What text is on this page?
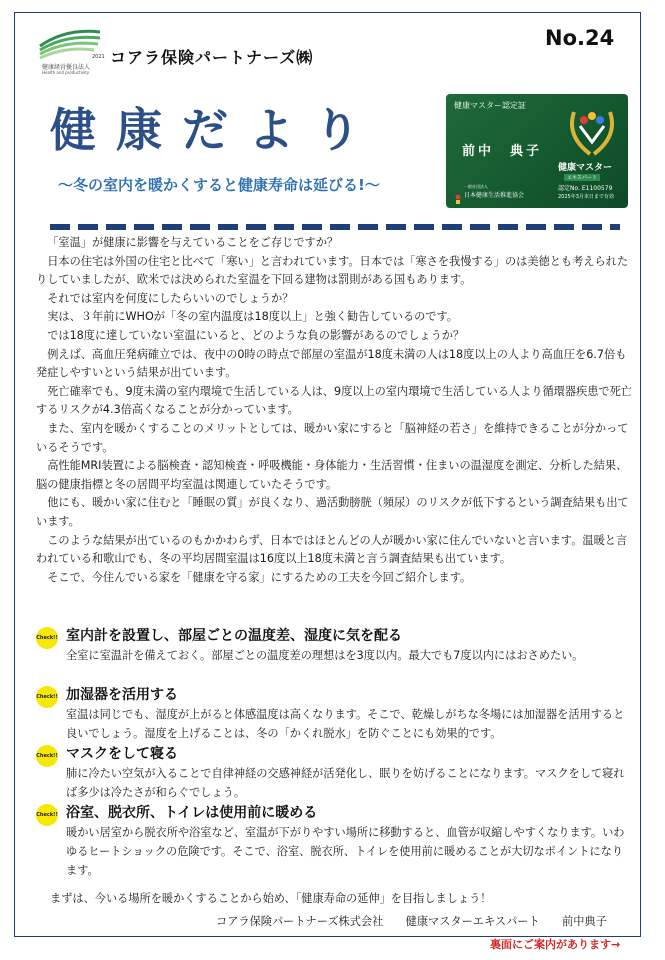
2021
健康経営優良法人
Health and productivity
コアラ保険パートナーズ㈱
No.24
健康だより
～冬の室内を暖かくすると健康寿命は延びる!～
健康マスター認定証
前中　典子
健康マスター
エキスパート
認定No. E1100579
2025年3月末日まで有効
一般社団法人
日本健康生活推進協会

「室温」が健康に影響を与えていることをご存じですか？

日本の住宅は外国の住宅と比べて「寒い」と言われています。日本では「寒さを我慢する」のは美徳とも考えられたりしていましたが、欧米では決められた室温を下回る建物は罰則がある国もあります。

それでは室内を何度にしたらいいのでしょうか？

実は、３年前にWHOが「冬の室内温度は18度以上」と強く勧告しているのです。

では18度に達していない室温にいると、どのような負の影響があるのでしょうか？

例えば、高血圧発病確立では、夜中の0時の時点で部屋の室温が18度未満の人は18度以上の人より高血圧を6.7倍も発症しやすいという結果が出ています。

死亡確率でも、9度未満の室内環境で生活している人は、9度以上の室内環境で生活している人より循環器疾患で死亡するリスクが4.3倍高くなることが分かっています。

また、室内を暖かくすることのメリットとしては、暖かい家にすると「脳神経の若さ」を維持できることが分かっているそうです。

高性能MRI装置による脳検査・認知検査・呼吸機能・身体能力・生活習慣・住まいの温湿度を測定、分析した結果、脳の健康指標と冬の居間平均室温は関連していたそうです。

他にも、暖かい家に住むと「睡眠の質」が良くなり、過活動膀胱（頻尿）のリスクが低下するという調査結果も出ています。

このような結果が出ているのもかかわらず、日本ではほとんどの人が暖かい家に住んでいないと言います。温暖と言われている和歌山でも、冬の平均居間室温は16度以上18度未満と言う調査結果も出ています。

そこで、今住んでいる家を「健康を守る家」にするための工夫を今回ご紹介します。

Check!! 室内計を設置し、部屋ごとの温度差、湿度に気を配る
全室に室温計を備えておく。部屋ごとの温度差の理想はを3度以内。最大でも7度以内にはおさめたい。
Check!! 加湿器を活用する
室温は同じでも、湿度が上がると体感温度は高くなります。そこで、乾燥しがちな冬場には加湿器を活用すると良いでしょう。湿度を上げることは、冬の「かくれ脱水」を防ぐことにも効果的です。
Check!! マスクをして寝る
肺に冷たい空気が入ることで自律神経の交感神経が活発化し、眠りを妨げることになります。マスクをして寝れば多少は冷たさが和らぐでしょう。
Check!! 浴室、脱衣所、トイレは使用前に暖める
暖かい居室から脱衣所や浴室など、室温が下がりやすい場所に移動すると、血管が収縮しやすくなります。いわゆるヒートショックの危険です。そこで、浴室、脱衣所、トイレを使用前に暖めることが大切なポイントになります。
まずは、今いる場所を暖かくすることから始め、「健康寿命の延伸」を目指しましょう！
コアラ保険パートナーズ株式会社　　健康マスターエキスパート　　前中典子
裏面にご案内があります→
